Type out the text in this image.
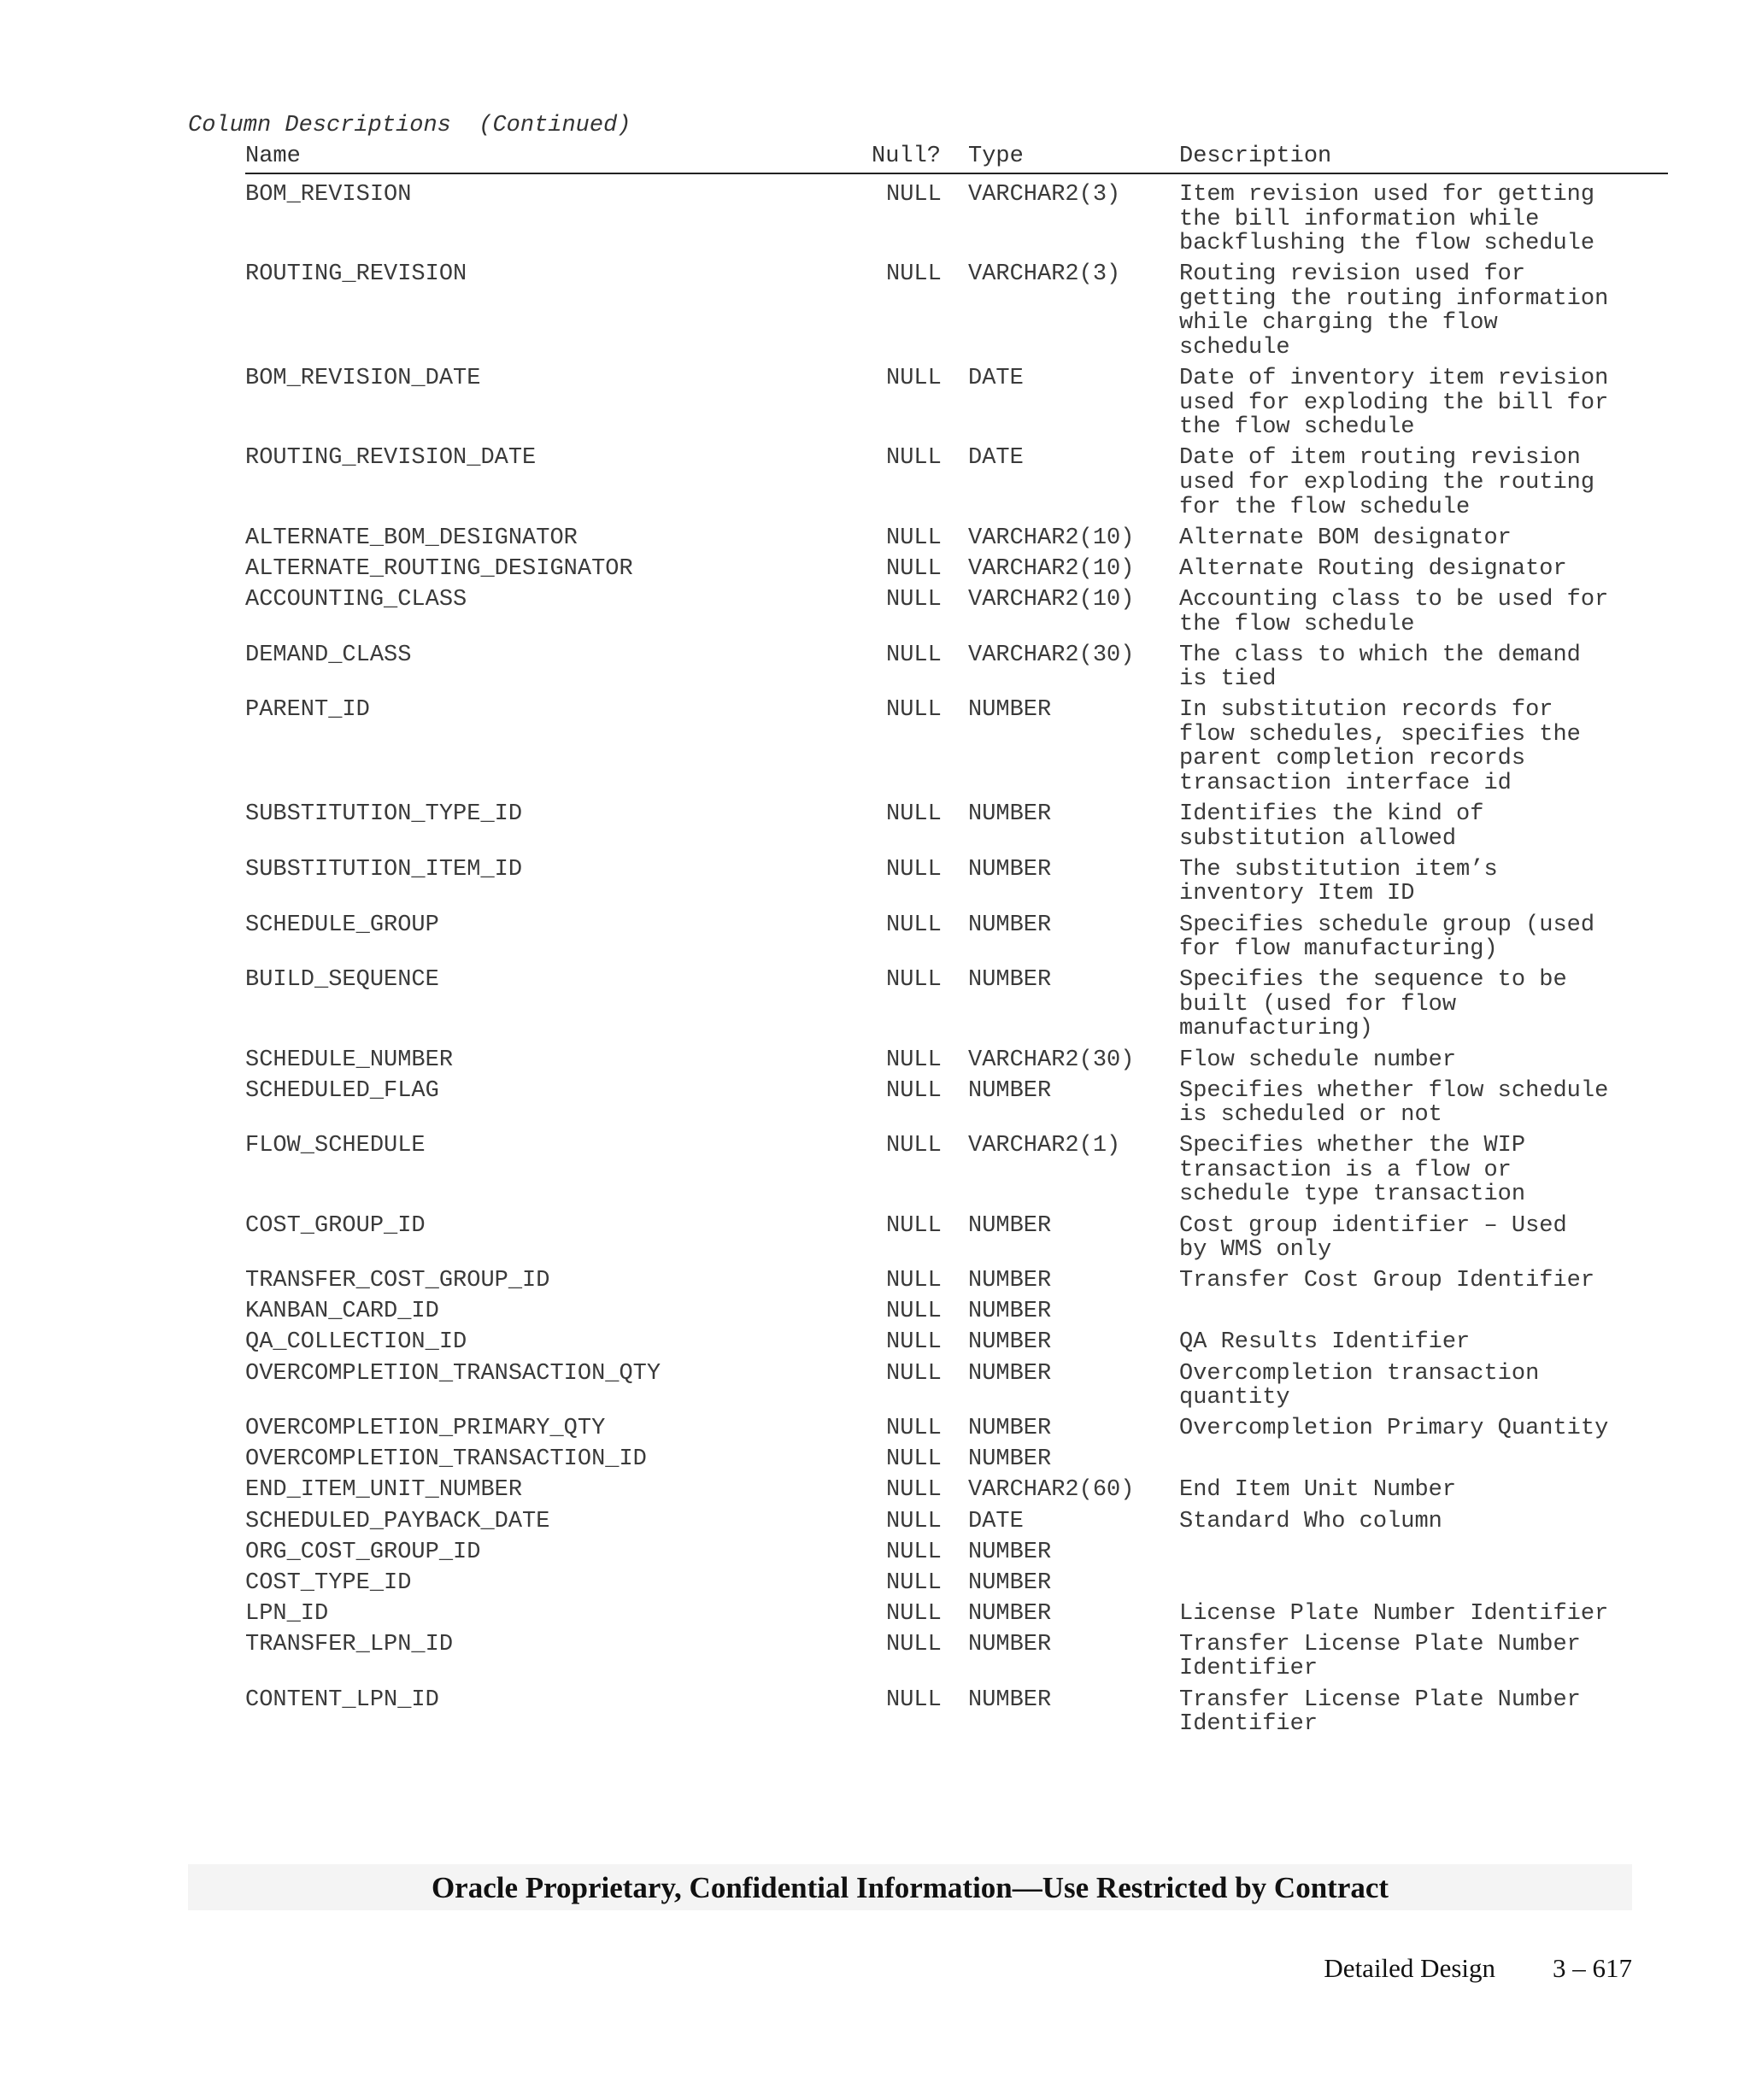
Column Descriptions  (Continued)
Name	Null? Type	Description
BOM_REVISION	NULL VARCHAR2(3)	Item revision used for getting
the bill information while
backflushing the flow schedule
ROUTING_REVISION	NULL VARCHAR2(3)	Routing revision used for
getting the routing information
while charging the flow
schedule
BOM_REVISION_DATE	NULL DATE	Date of inventory item revision
used for exploding the bill for
the flow schedule
ROUTING_REVISION_DATE	NULL DATE	Date of item routing revision
used for exploding the routing
for the flow schedule
ALTERNATE_BOM_DESIGNATOR	NULL VARCHAR2(10) Alternate BOM designator
ALTERNATE_ROUTING_DESIGNATOR	NULL VARCHAR2(10) Alternate Routing designator
ACCOUNTING_CLASS	NULL VARCHAR2(10) Accounting class to be used for
the flow schedule
DEMAND_CLASS	NULL VARCHAR2(30) The class to which the demand
is tied
PARENT_ID	NULL NUMBER	In substitution records for
flow schedules, specifies the
parent completion records
transaction interface id
SUBSTITUTION_TYPE_ID	NULL NUMBER	Identifies the kind of
substitution allowed
SUBSTITUTION_ITEM_ID	NULL NUMBER	The substitution item’s
inventory Item ID
SCHEDULE_GROUP	NULL NUMBER	Specifies schedule group (used
for flow manufacturing)
BUILD_SEQUENCE	NULL NUMBER	Specifies the sequence to be
built (used for flow
manufacturing)
SCHEDULE_NUMBER	NULL VARCHAR2(30) Flow schedule number
SCHEDULED_FLAG	NULL NUMBER	Specifies whether flow schedule
is scheduled or not
FLOW_SCHEDULE	NULL VARCHAR2(1)	Specifies whether the WIP
transaction is a flow or
schedule type transaction
COST_GROUP_ID	NULL NUMBER	Cost group identifier – Used
by WMS only
TRANSFER_COST_GROUP_ID	NULL NUMBER	Transfer Cost Group Identifier
KANBAN_CARD_ID	NULL NUMBER
QA_COLLECTION_ID	NULL NUMBER	QA Results Identifier
OVERCOMPLETION_TRANSACTION_QTY	NULL NUMBER	Overcompletion transaction
quantity
OVERCOMPLETION_PRIMARY_QTY	NULL NUMBER	Overcompletion Primary Quantity
OVERCOMPLETION_TRANSACTION_ID	NULL NUMBER
END_ITEM_UNIT_NUMBER	NULL VARCHAR2(60) End Item Unit Number
SCHEDULED_PAYBACK_DATE	NULL DATE	Standard Who column
ORG_COST_GROUP_ID	NULL NUMBER
COST_TYPE_ID	NULL NUMBER
LPN_ID	NULL NUMBER	License Plate Number Identifier
TRANSFER_LPN_ID	NULL NUMBER	Transfer License Plate Number
Identifier
CONTENT_LPN_ID	NULL NUMBER	Transfer License Plate Number
Identifier
Oracle Proprietary, Confidential Information––Use Restricted by Contract
Detailed Design 3 – 617
